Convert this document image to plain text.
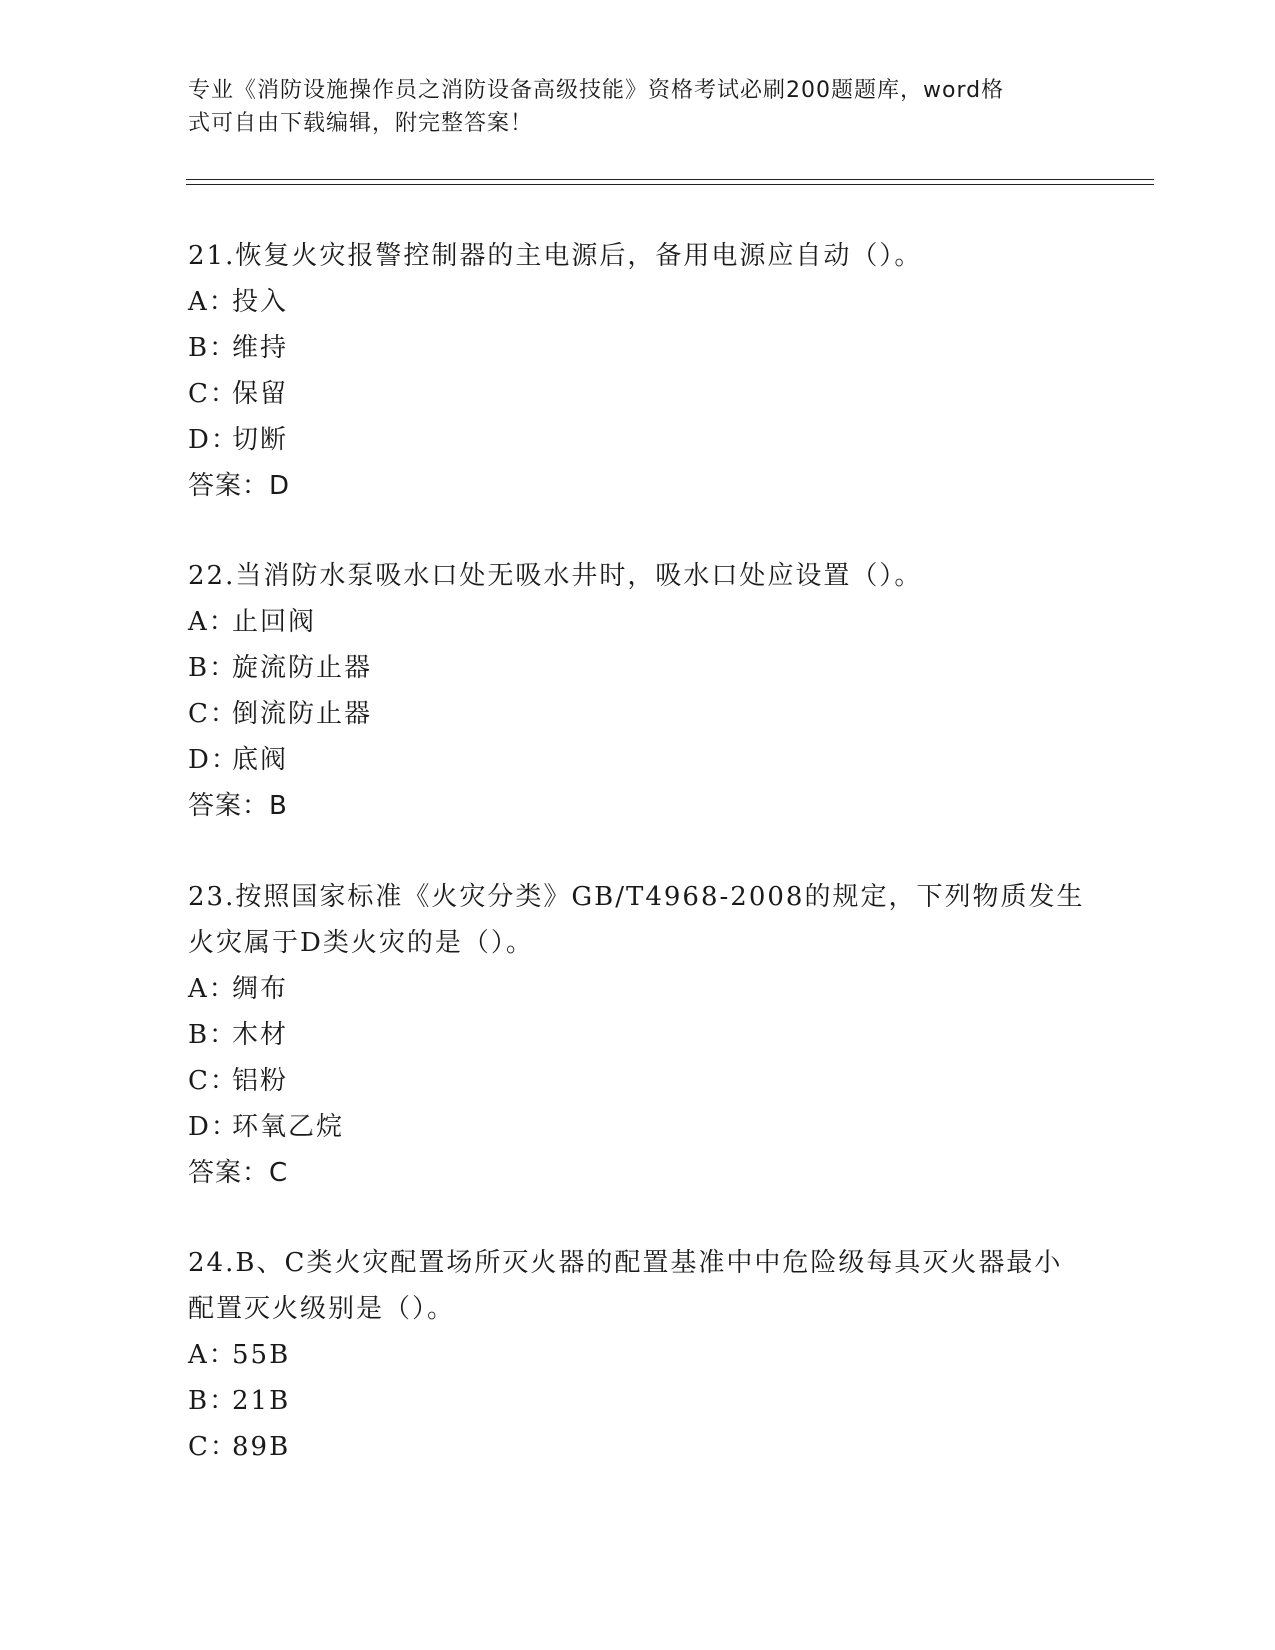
专业《消防设施操作员之消防设备高级技能》资格考试必刷200题题库，word格
式可自由下载编辑，附完整答案！

21.恢复火灾报警控制器的主电源后，备用电源应自动（）。

A：投入

B：维持

C：保留

D：切断

答案：D

22.当消防水泵吸水口处无吸水井时，吸水口处应设置（）。

A：止回阀

B：旋流防止器

C：倒流防止器

D：底阀

答案：B

23.按照国家标准《火灾分类》GB/T4968-2008的规定，下列物质发生

火灾属于D类火灾的是（）。

A：绸布

B：木材

C：铝粉

D：环氧乙烷

答案：C

24.B、C类火灾配置场所灭火器的配置基准中中危险级每具灭火器最小

配置灭火级别是（）。

A：55B

B：21B

C：89B
